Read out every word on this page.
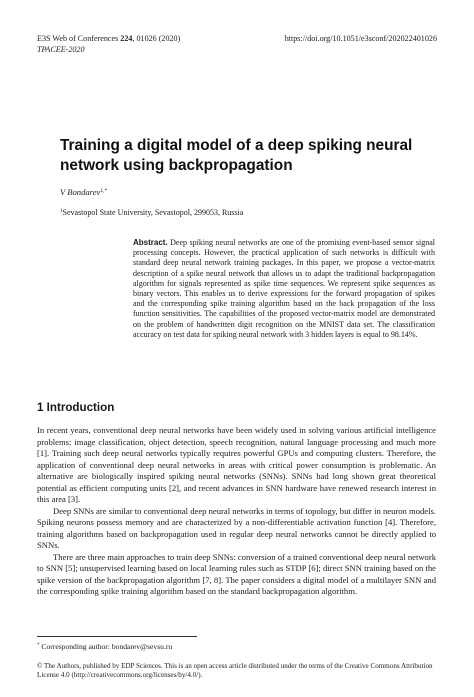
E3S Web of Conferences 224, 01026 (2020)	https://doi.org/10.1051/e3sconf/202022401026
TPACEE-2020
Training a digital model of a deep spiking neural network using backpropagation
V Bondarev$^{1,*}$
$^1$Sevastopol State University, Sevastopol, 299053, Russia
Abstract. Deep spiking neural networks are one of the promising event-based sensor signal processing concepts. However, the practical application of such networks is difficult with standard deep neural network training packages. In this paper, we propose a vector-matrix description of a spike neural network that allows us to adapt the traditional backpropagation algorithm for signals represented as spike time sequences. We represent spike sequences as binary vectors. This enables us to derive expressions for the forward propagation of spikes and the corresponding spike training algorithm based on the back propagation of the loss function sensitivities. The capabilities of the proposed vector-matrix model are demonstrated on the problem of handwritten digit recognition on the MNIST data set. The classification accuracy on test data for spiking neural network with 3 hidden layers is equal to 98.14%.
1 Introduction

In recent years, conventional deep neural networks have been widely used in solving various artificial intelligence problems: image classification, object detection, speech recognition, natural language processing and much more [1]. Training such deep neural networks typically requires powerful GPUs and computing clusters. Therefore, the application of conventional deep neural networks in areas with critical power consumption is problematic. An alternative are biologically inspired spiking neural networks (SNNs). SNNs had long shown great theoretical potential as efficient computing units [2], and recent advances in SNN hardware have renewed research interest in this area [3].

Deep SNNs are similar to conventional deep neural networks in terms of topology, but differ in neuron models. Spiking neurons possess memory and are characterized by a non-differentiable activation function [4]. Therefore, training algorithms based on backpropagation used in regular deep neural networks cannot be directly applied to SNNs.

There are three main approaches to train deep SNNs: conversion of a trained conventional deep neural network to SNN [5]; unsupervised learning based on local learning rules such as STDP [6]; direct SNN training based on the spike version of the backpropagation algorithm [7, 8]. The paper considers a digital model of a multilayer SNN and the corresponding spike training algorithm based on the standard backpropagation algorithm.

* Corresponding author: bondarev@sevsu.ru
© The Authors, published by EDP Sciences. This is an open access article distributed under the terms of the Creative Commons Attribution License 4.0 (http://creativecommons.org/licenses/by/4.0/).
